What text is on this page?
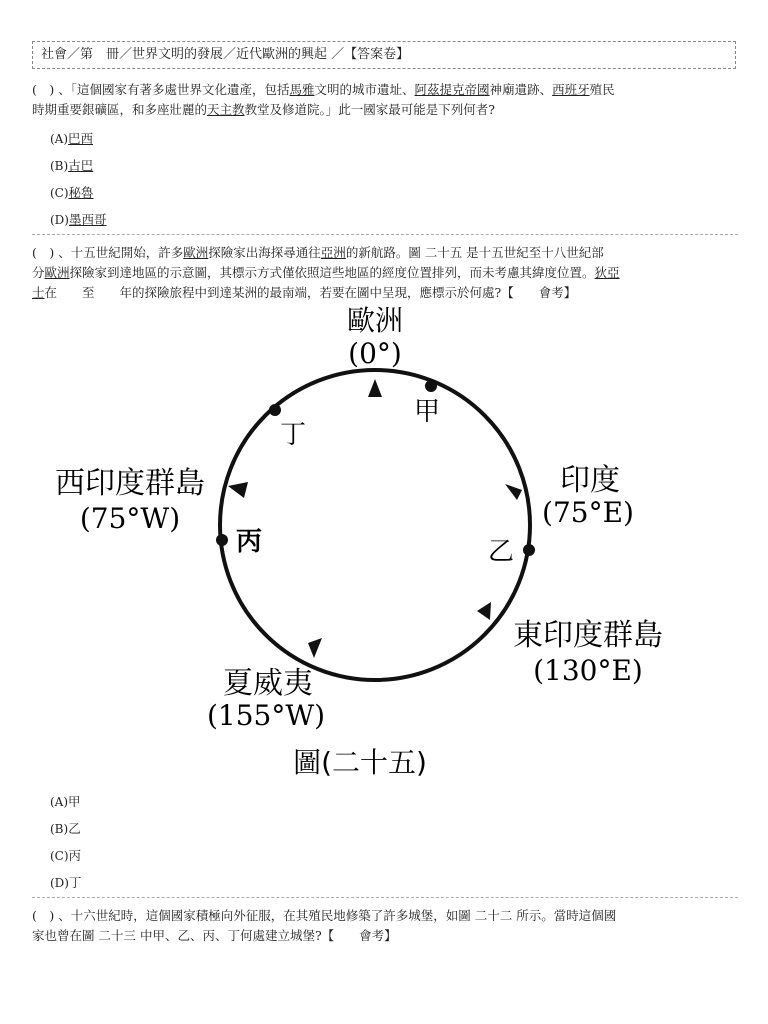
社會／第　冊／世界文明的發展／近代歐洲的興起 ／【答案卷】
(　) 、「這個國家有著多處世界文化遺產，包括馬雅文明的城市遺址、阿茲提克帝國神廟遺跡、西班牙殖民
時期重要銀礦區，和多座壯麗的天主教教堂及修道院。」此一國家最可能是下列何者?
(A)巴西
(B)古巴
(C)秘魯
(D)墨西哥
(　) 、十五世紀開始，許多歐洲探險家出海探尋通往亞洲的新航路。圖 二十五 是十五世紀至十八世紀部
分歐洲探險家到達地區的示意圖，其標示方式僅依照這些地區的經度位置排列，而未考慮其緯度位置。狄亞
士在　　至　　年的探險旅程中到達某洲的最南端，若要在圖中呈現，應標示於何處?【　　會考】
甲
乙
丙
丁
歐洲
(0°)
印度
(75°E)
東印度群島
(130°E)
夏威夷
(155°W)
西印度群島
(75°W)
圖(二十五)
(A)甲
(B)乙
(C)丙
(D)丁
(　) 、十六世紀時，這個國家積極向外征服，在其殖民地修築了許多城堡，如圖 二十二 所示。當時這個國
家也曾在圖 二十三 中甲、乙、丙、丁何處建立城堡?【　　會考】
